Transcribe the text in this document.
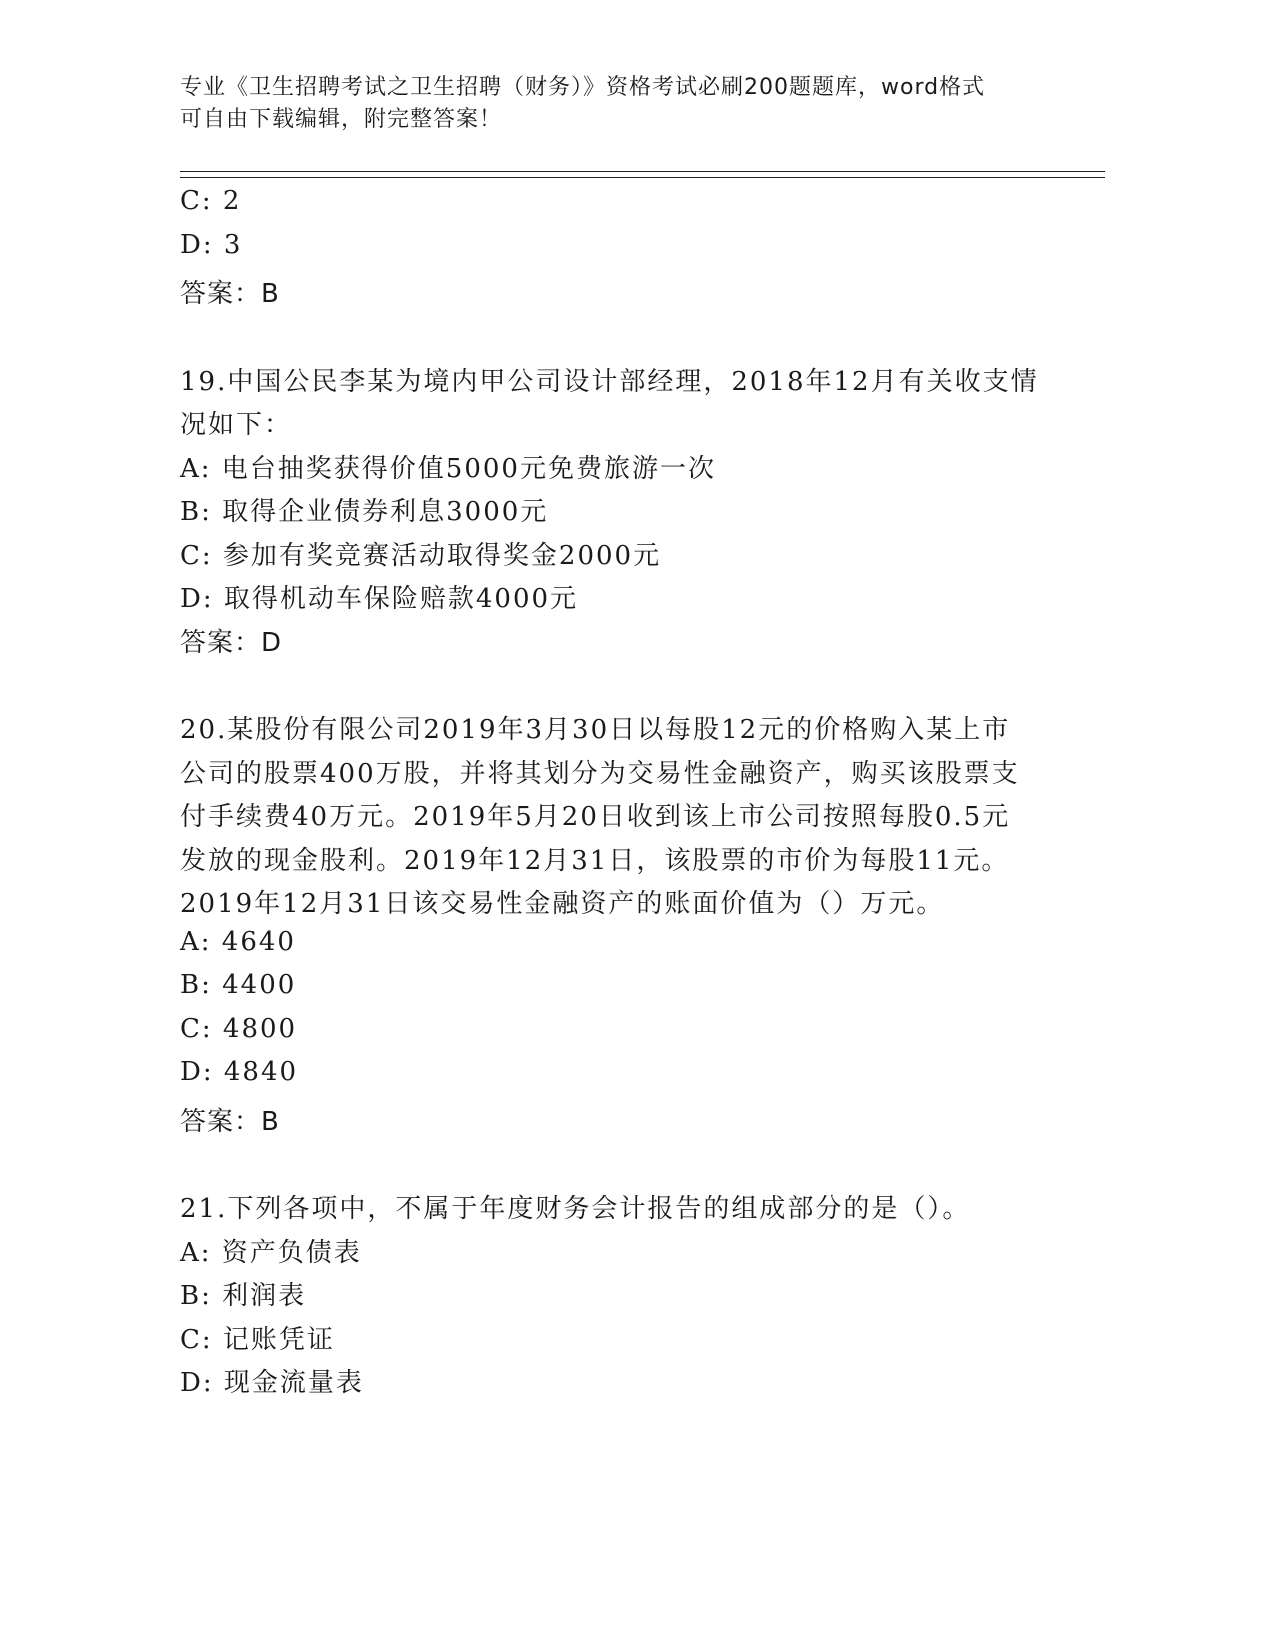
专业《卫生招聘考试之卫生招聘（财务）》资格考试必刷200题题库，word格式
可自由下载编辑，附完整答案！
C: 2
D: 3
答案：B
19.中国公民李某为境内甲公司设计部经理，2018年12月有关收支情
况如下：
A: 电台抽奖获得价值5000元免费旅游一次
B: 取得企业债券利息3000元
C: 参加有奖竞赛活动取得奖金2000元
D: 取得机动车保险赔款4000元
答案：D
20.某股份有限公司2019年3月30日以每股12元的价格购入某上市
公司的股票400万股，并将其划分为交易性金融资产，购买该股票支
付手续费40万元。2019年5月20日收到该上市公司按照每股0.5元
发放的现金股利。2019年12月31日，该股票的市价为每股11元。
2019年12月31日该交易性金融资产的账面价值为（）万元。
A: 4640
B: 4400
C: 4800
D: 4840
答案：B
21.下列各项中，不属于年度财务会计报告的组成部分的是（）。
A: 资产负债表
B: 利润表
C: 记账凭证
D: 现金流量表
